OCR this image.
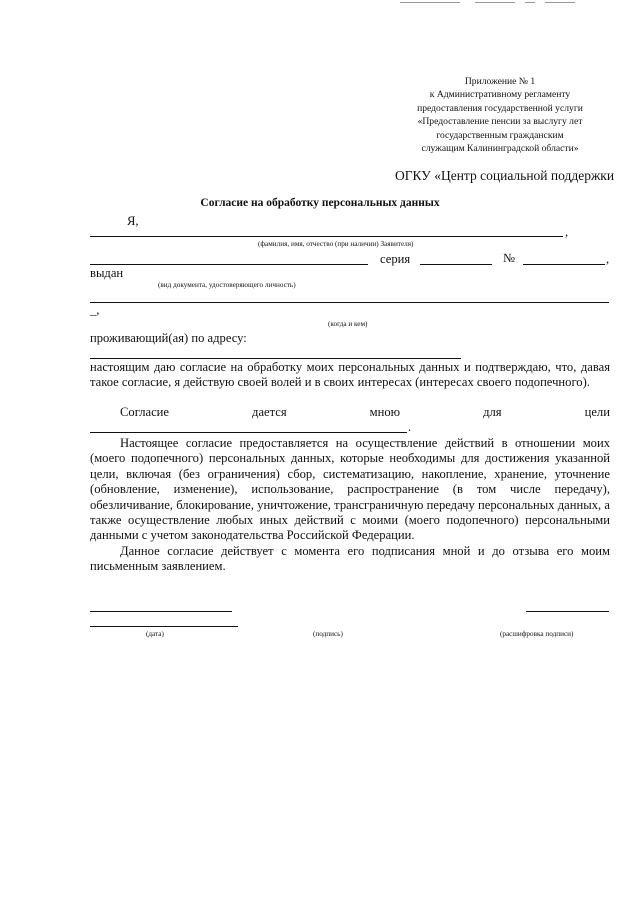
Приложение № 1
к Административному регламенту
предоставления государственной услуги
«Предоставление пенсии за выслугу лет
государственным гражданским
служащим Калининградской области»
ОГКУ «Центр социальной поддержки
Согласие на обработку персональных данных
Я,
,
(фамилия, имя, отчество (при наличии) Заявителя)
серия	№	,
выдан
(вид документа, удостоверяющего личность)
_,
(когда и кем)
проживающий(ая) по адресу:

настоящим даю согласие на обработку моих персональных данных и подтверждаю, что, давая такое согласие, я действую своей волей и в своих интересах (интересах своего подопечного).

Согласие	дается	мною	для	цели
.

Настоящее согласие предоставляется на осуществление действий в отношении моих (моего подопечного) персональных данных, которые необходимы для достижения указанной цели, включая (без ограничения) сбор, систематизацию, накопление, хранение, уточнение (обновление, изменение), использование, распространение (в том числе передачу), обезличивание, блокирование, уничтожение, трансграничную передачу персональных данных, а также осуществление любых иных действий с моими (моего подопечного) персональными данными с учетом законодательства Российской Федерации.

Данное согласие действует с момента его подписания мной и до отзыва его моим письменным заявлением.

(дата)	(подпись)	(расшифровка подписи)
